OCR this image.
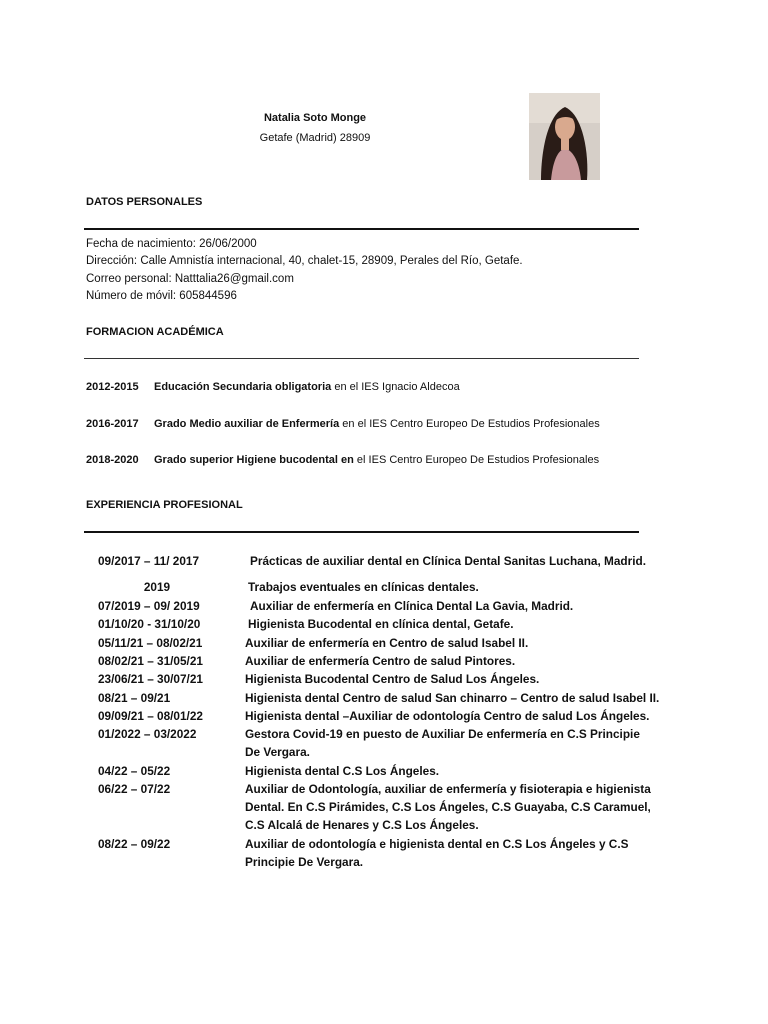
Natalia Soto Monge
Getafe (Madrid) 28909
DATOS PERSONALES
Fecha de nacimiento: 26/06/2000
Dirección: Calle Amnistía internacional, 40, chalet-15, 28909, Perales del Río, Getafe.
Correo personal: Natttalia26@gmail.com
Número de móvil: 605844596
FORMACION ACADÉMICA
2012-2015 Educación Secundaria obligatoria en el IES Ignacio Aldecoa
2016-2017 Grado Medio auxiliar de Enfermería en el IES Centro Europeo De Estudios Profesionales
2018-2020 Grado superior Higiene bucodental en el IES Centro Europeo De Estudios Profesionales
EXPERIENCIA PROFESIONAL
09/2017 – 11/ 2017	Prácticas de auxiliar dental en Clínica Dental Sanitas Luchana, Madrid.
2019	Trabajos eventuales en clínicas dentales.
07/2019 – 09/ 2019	Auxiliar de enfermería en Clínica Dental La Gavia, Madrid.
01/10/20 - 31/10/20	Higienista Bucodental en clínica dental, Getafe.
05/11/21 – 08/02/21	Auxiliar de enfermería en Centro de salud Isabel II.
08/02/21 – 31/05/21	Auxiliar de enfermería Centro de salud Pintores.
23/06/21 – 30/07/21	Higienista Bucodental Centro de Salud Los Ángeles.
08/21 – 09/21	Higienista dental Centro de salud San chinarro – Centro de salud Isabel II.
09/09/21 – 08/01/22	Higienista dental –Auxiliar de odontología Centro de salud Los Ángeles.
01/2022 – 03/2022	Gestora Covid-19 en puesto de Auxiliar De enfermería en C.S Principie
De Vergara.
04/22 – 05/22	Higienista dental C.S Los Ángeles.
06/22 – 07/22	Auxiliar de Odontología, auxiliar de enfermería y fisioterapia e higienista
Dental. En C.S Pirámides, C.S Los Ángeles, C.S Guayaba, C.S Caramuel,
C.S Alcalá de Henares y C.S Los Ángeles.
08/22 – 09/22	Auxiliar de odontología e higienista dental en C.S Los Ángeles y C.S
Principie De Vergara.
